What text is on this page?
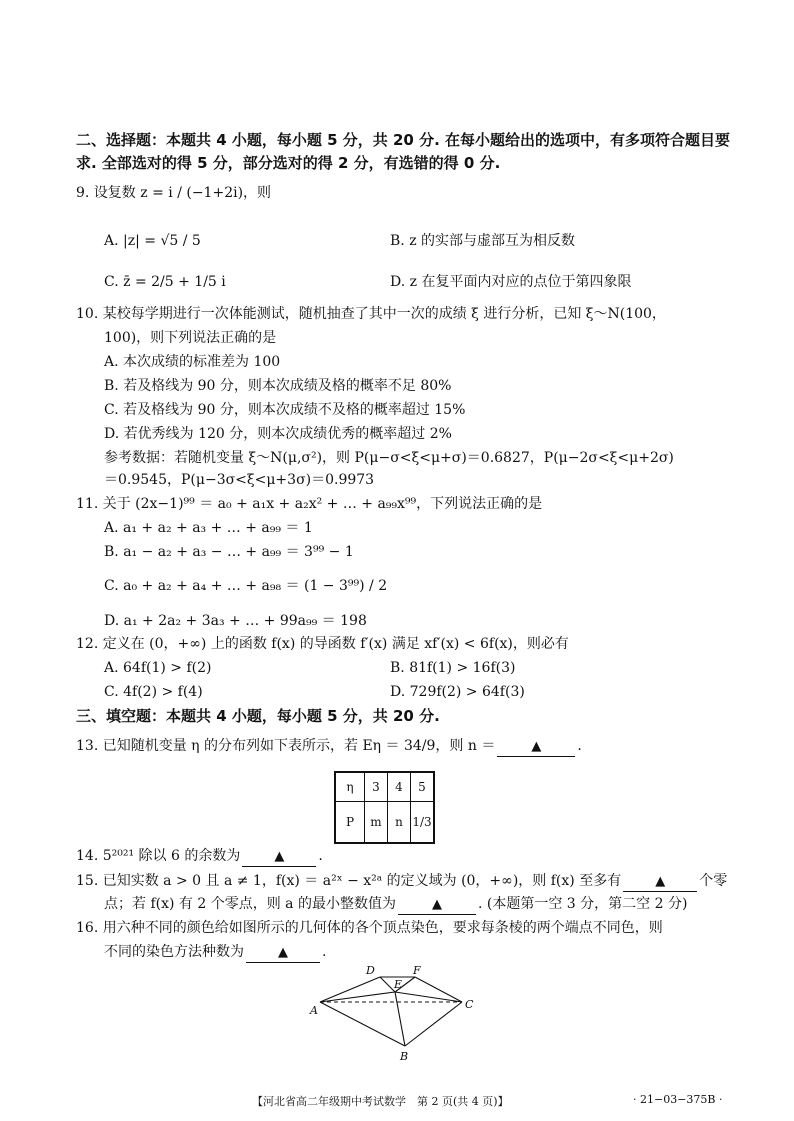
二、选择题：本题共 4 小题，每小题 5 分，共 20 分. 在每小题给出的选项中，有多项符合题目要
求. 全部选对的得 5 分，部分选对的得 2 分，有选错的得 0 分.
9. 设复数 z = i / (−1+2i)，则
A. |z| = √5 / 5	B. z 的实部与虚部互为相反数
C. z̄ = 2/5 + 1/5 i	D. z 在复平面内对应的点位于第四象限
10. 某校每学期进行一次体能测试，随机抽查了其中一次的成绩 ξ 进行分析，已知 ξ～N(100，
100)，则下列说法正确的是
A. 本次成绩的标准差为 100
B. 若及格线为 90 分，则本次成绩及格的概率不足 80%
C. 若及格线为 90 分，则本次成绩不及格的概率超过 15%
D. 若优秀线为 120 分，则本次成绩优秀的概率超过 2%
参考数据：若随机变量 ξ～N(μ,σ²)，则 P(μ−σ<ξ<μ+σ)＝0.6827，P(μ−2σ<ξ<μ+2σ)
＝0.9545，P(μ−3σ<ξ<μ+3σ)＝0.9973
11. 关于 (2x−1)⁹⁹ ＝ a₀ + a₁x + a₂x² + … + a₉₉x⁹⁹，下列说法正确的是
A. a₁ + a₂ + a₃ + … + a₉₉ ＝ 1
B. a₁ − a₂ + a₃ − … + a₉₉ ＝ 3⁹⁹ − 1
C. a₀ + a₂ + a₄ + … + a₉₈ ＝ (1 − 3⁹⁹) / 2
D. a₁ + 2a₂ + 3a₃ + … + 99a₉₉ ＝ 198
12. 定义在 (0，+∞) 上的函数 f(x) 的导函数 f′(x) 满足 xf′(x) < 6f(x)，则必有
A. 64f(1) > f(2)	B. 81f(1) > 16f(3)
C. 4f(2) > f(4)	D. 729f(2) > 64f(3)
三、填空题：本题共 4 小题，每小题 5 分，共 20 分.
13. 已知随机变量 η 的分布列如下表所示，若 Eη ＝ 34/9，则 n ＝	▲	.
η	3	4	5
P	m	n	1/3
14. 5²⁰²¹ 除以 6 的余数为	▲ .
15. 已知实数 a > 0 且 a ≠ 1，f(x) ＝ a²ˣ − x²ᵃ 的定义域为 (0，+∞)，则 f(x) 至多有	▲ 个零
点；若 f(x) 有 2 个零点，则 a 的最小整数值为	▲	. (本题第一空 3 分，第二空 2 分)
16. 用六种不同的颜色给如图所示的几何体的各个顶点染色，要求每条棱的两个端点不同色，则
不同的染色方法种数为	▲ .
D	F
E
A	C
B
【河北省高二年级期中考试数学　第 2 页(共 4 页)】	· 21−03−375B ·
